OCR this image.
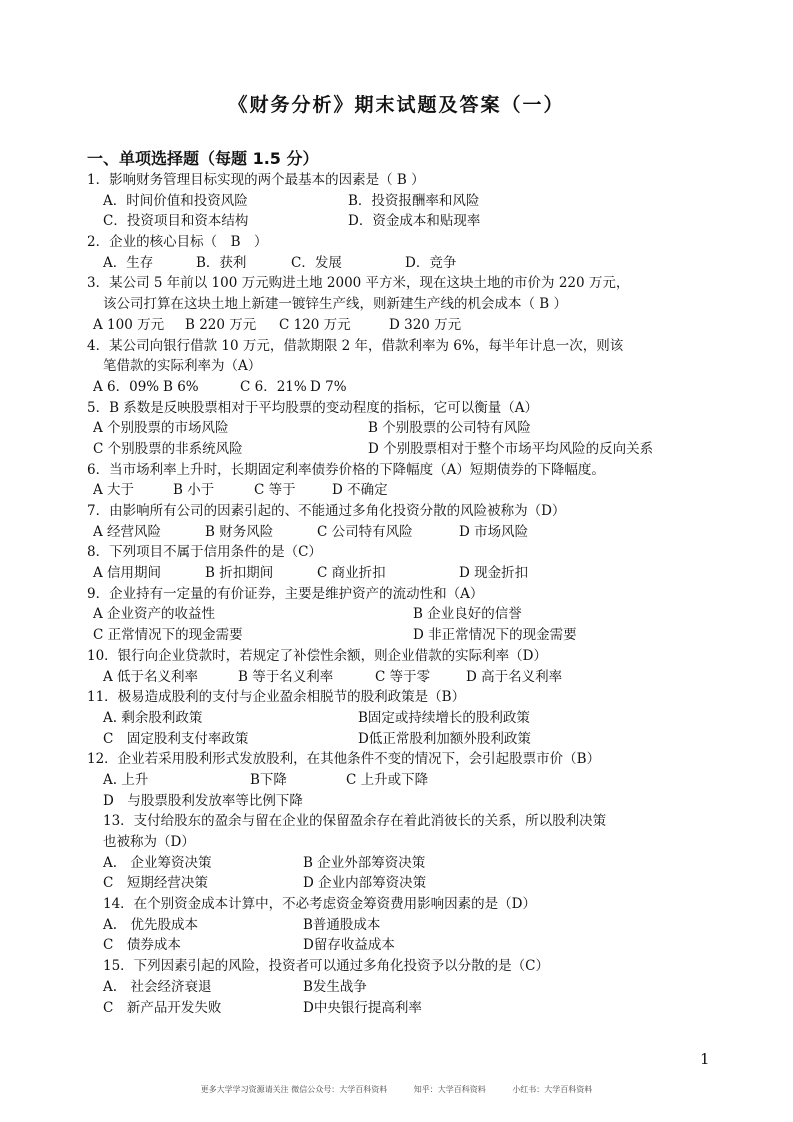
《财务分析》期末试题及答案（一）
一、单项选择题（每题 1.5 分）
1．影响财务管理目标实现的两个最基本的因素是（ B ）
A．时间价值和投资风险	B．投资报酬率和风险
C．投资项目和资本结构	D．资金成本和贴现率
2．企业的核心目标（　B　）
A．生存	B．获利	C．发展	D．竞争
3．某公司 5 年前以 100 万元购进土地 2000 平方米，现在这块土地的市价为 220 万元，
该公司打算在这块土地上新建一镀锌生产线，则新建生产线的机会成本（ B ）
A 100 万元 B 220 万元 C 120 万元	D 320 万元
4．某公司向银行借款 10 万元，借款期限 2 年，借款利率为 6%，每半年计息一次，则该
笔借款的实际利率为（A）
A 6．09% B 6%	C 6．21% D 7%
5．Β 系数是反映股票相对于平均股票的变动程度的指标，它可以衡量（A）
A 个别股票的市场风险	B 个别股票的公司特有风险
C 个别股票的非系统风险	D 个别股票相对于整个市场平均风险的反向关系
6．当市场利率上升时，长期固定利率债券价格的下降幅度（A）短期债券的下降幅度。
A 大于	B 小于	C 等于	D 不确定
7．由影响所有公司的因素引起的、不能通过多角化投资分散的风险被称为（D）
A 经营风险	B 财务风险	C 公司特有风险	D 市场风险
8．下列项目不属于信用条件的是（C）
A 信用期间	B 折扣期间	C 商业折扣	D 现金折扣
9．企业持有一定量的有价证券，主要是维护资产的流动性和（A）
A 企业资产的收益性	B 企业良好的信誉
C 正常情况下的现金需要	D 非正常情况下的现金需要
10．银行向企业贷款时，若规定了补偿性余额，则企业借款的实际利率（D）
A 低于名义利率	B 等于名义利率	C 等于零	D 高于名义利率
11．极易造成股利的支付与企业盈余相脱节的股利政策是（B）
A. 剩余股利政策	B固定或持续增长的股利政策
C　固定股利支付率政策	D低正常股利加额外股利政策
12．企业若采用股利形式发放股利，在其他条件不变的情况下，会引起股票市价（B）
A. 上升	B下降	C 上升或下降
D　与股票股利发放率等比例下降
13．支付给股东的盈余与留在企业的保留盈余存在着此消彼长的关系，所以股利决策
也被称为（D）
A.　企业筹资决策	B 企业外部筹资决策
C　短期经营决策	D 企业内部筹资决策
14．在个别资金成本计算中，不必考虑资金筹资费用影响因素的是（D）
A.　优先股成本	B普通股成本
C　债券成本	D留存收益成本
15．下列因素引起的风险，投资者可以通过多角化投资予以分散的是（C）
A.　社会经济衰退	B发生战争
C　新产品开发失败	D中央银行提高利率
1
更多大学学习资源请关注 微信公众号：大学百科资料	知乎：大学百科资料	小红书：大学百科资料
